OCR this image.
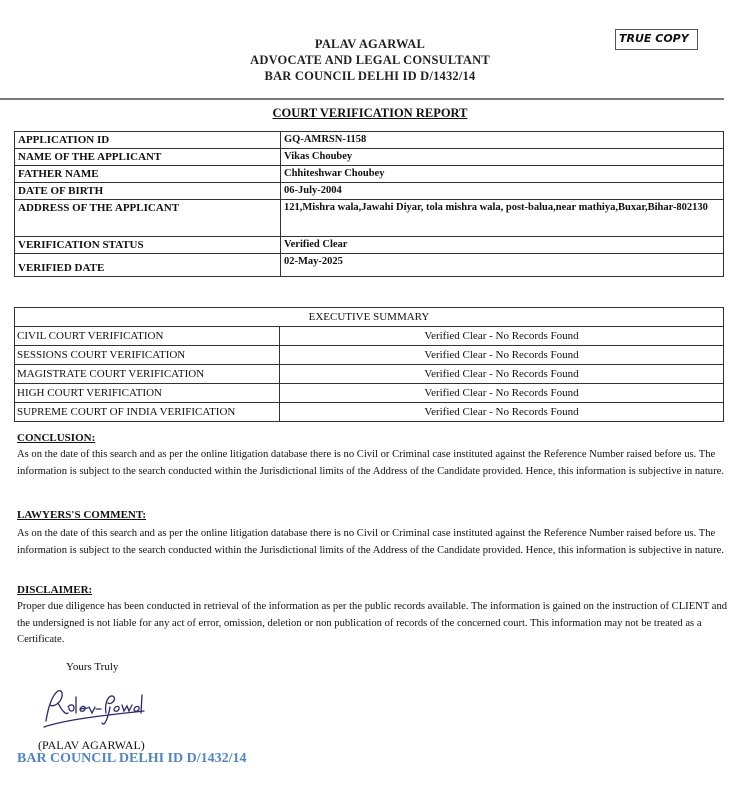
PALAV AGARWAL
ADVOCATE AND LEGAL CONSULTANT
BAR COUNCIL DELHI ID D/1432/14
TRUE COPY
COURT VERIFICATION REPORT
APPLICATION ID	GQ-AMRSN-1158
NAME OF THE APPLICANT	Vikas Choubey
FATHER NAME	Chhiteshwar Choubey
DATE OF BIRTH	06-July-2004
ADDRESS OF THE APPLICANT	121,Mishra wala,Jawahi Diyar, tola mishra wala, post-balua,near mathiya,Buxar,Bihar-802130
VERIFICATION STATUS	Verified Clear
VERIFIED DATE	02-May-2025
EXECUTIVE SUMMARY	
CIVIL COURT VERIFICATION	Verified Clear - No Records Found
SESSIONS COURT VERIFICATION	Verified Clear - No Records Found
MAGISTRATE COURT VERIFICATION	Verified Clear - No Records Found
HIGH COURT VERIFICATION	Verified Clear - No Records Found
SUPREME COURT OF INDIA VERIFICATION	Verified Clear - No Records Found
CONCLUSION:
As on the date of this search and as per the online litigation database there is no Civil or Criminal case instituted against the Reference Number raised before us. The information is subject to the search conducted within the Jurisdictional limits of the Address of the Candidate provided. Hence, this information is subjective in nature.
LAWYERS'S COMMENT:
As on the date of this search and as per the online litigation database there is no Civil or Criminal case instituted against the Reference Number raised before us. The information is subject to the search conducted within the Jurisdictional limits of the Address of the Candidate provided. Hence, this information is subjective in nature.
DISCLAIMER:
Proper due diligence has been conducted in retrieval of the information as per the public records available. The information is gained on the instruction of CLIENT and the undersigned is not liable for any act of error, omission, deletion or non publication of records of the concerned court. This information may not be treated as a Certificate.
Yours Truly
(PALAV AGARWAL)
BAR COUNCIL DELHI ID D/1432/14
